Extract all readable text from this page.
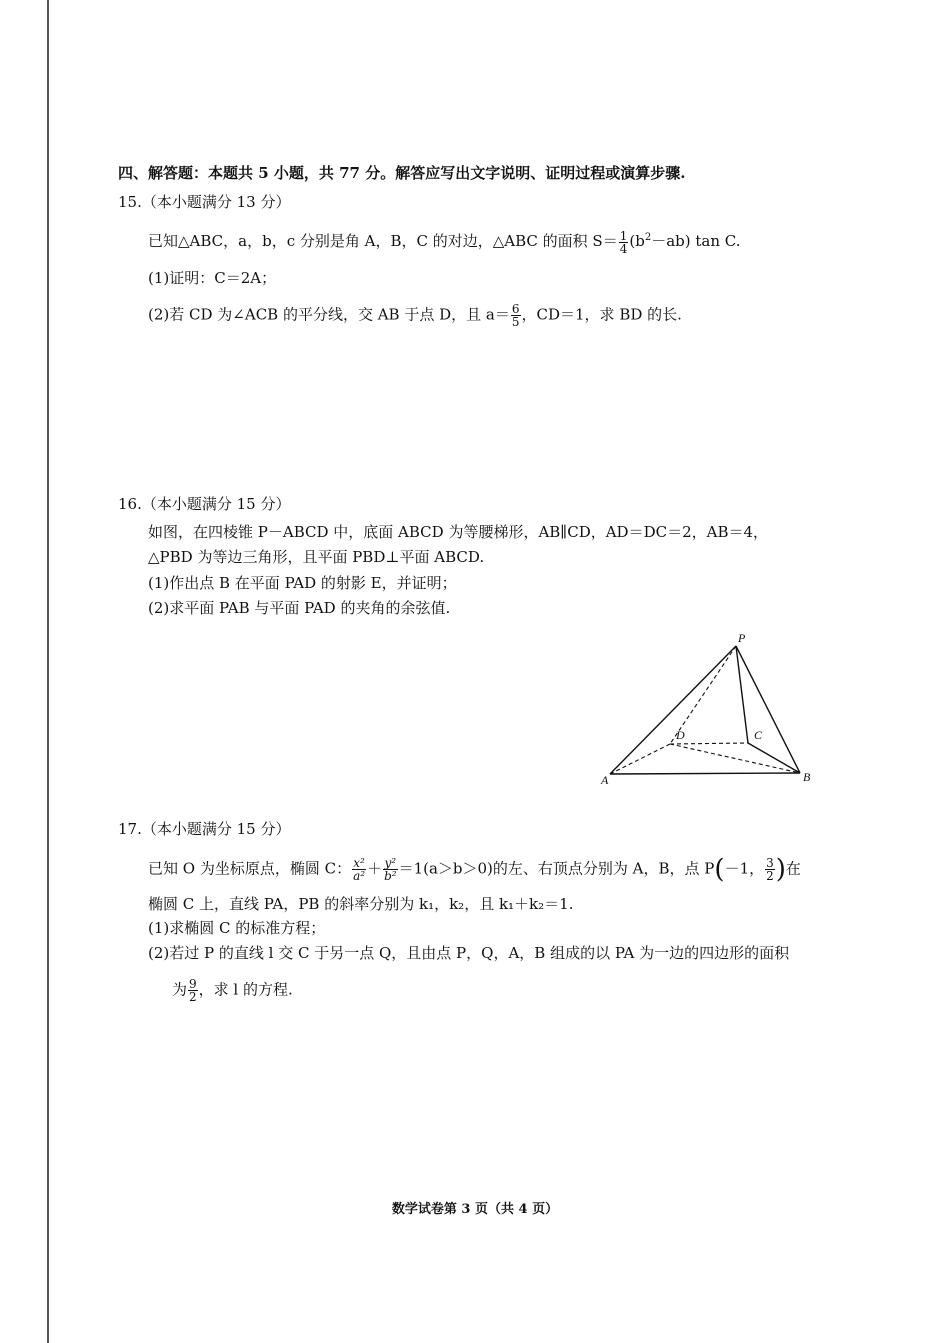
四、解答题：本题共 5 小题，共 77 分。解答应写出文字说明、证明过程或演算步骤.
15.（本小题满分 13 分）
已知△ABC，a，b，c 分别是角 A，B，C 的对边，△ABC 的面积 $S= \frac{1}{4} (b^2-ab)$ tan C.
(1)证明：C＝2A；
(2)若 CD 为∠ACB 的平分线，交 AB 于点 D，且 $a= \frac{6}{5}$ ，CD＝1，求 BD 的长.
16.（本小题满分 15 分）
如图，在四棱锥 P－ABCD 中，底面 ABCD 为等腰梯形，AB∥CD，AD＝DC＝2，AB＝4，
△PBD 为等边三角形，且平面 PBD⊥平面 ABCD.
(1)作出点 B 在平面 PAD 的射影 E，并证明；
(2)求平面 PAB 与平面 PAD 的夹角的余弦值.
P
A	B
C
D
17.（本小题满分 15 分）
已知 O 为坐标原点，椭圆 C： $\frac{\text{x²}}{\text{a²}} + \frac{\text{y²}}{\text{b²}} =1(a>b>0)$的左、右顶点分别为 A，B，点 P(－1， $\frac{3}{2}$ )在
椭圆 C 上，直线 PA，PB 的斜率分别为 k₁，k₂，且 k₁＋k₂＝1.
(1)求椭圆 C 的标准方程；
(2)若过 P 的直线 l 交 C 于另一点 Q，且由点 P，Q，A，B 组成的以 PA 为一边的四边形的面积
为 $\frac{9}{2}$ ，求 l 的方程.
数学试卷第 3 页（共 4 页）
